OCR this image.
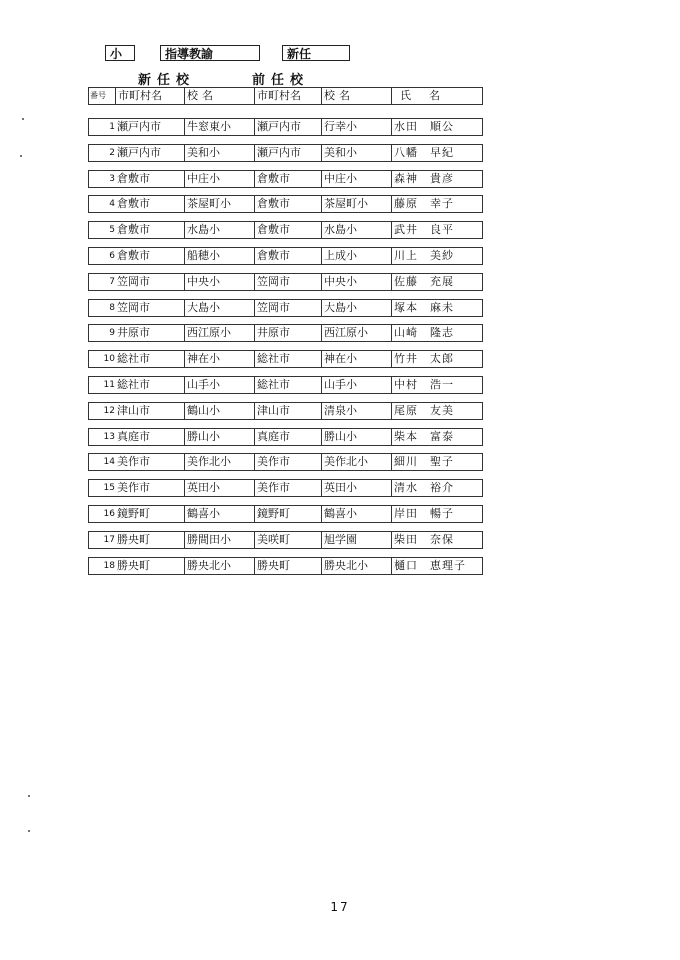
小	指導教諭	新任
新任校	前任校
番号	市町村名	校名	市町村名	校名	氏名
1 瀬戸内市	牛窓東小	瀬戸内市	行幸小	水田　順公
2 瀬戸内市	美和小	瀬戸内市	美和小	八幡　早紀
3 倉敷市	中庄小	倉敷市	中庄小	森神　貴彦
4 倉敷市	茶屋町小	倉敷市	茶屋町小	藤原　幸子
5 倉敷市	水島小	倉敷市	水島小	武井　良平
6 倉敷市	船穂小	倉敷市	上成小	川上　美紗
7 笠岡市	中央小	笠岡市	中央小	佐藤　充展
8 笠岡市	大島小	笠岡市	大島小	塚本　麻未
9 井原市	西江原小	井原市	西江原小	山崎　隆志
10 総社市	神在小	総社市	神在小	竹井　太郎
11 総社市	山手小	総社市	山手小	中村　浩一
12 津山市	鶴山小	津山市	清泉小	尾原　友美
13 真庭市	勝山小	真庭市	勝山小	柴本　富泰
14 美作市	美作北小	美作市	美作北小	細川　聖子
15 美作市	英田小	美作市	英田小	清水　裕介
16 鏡野町	鶴喜小	鏡野町	鶴喜小	岸田　暢子
17 勝央町	勝間田小	美咲町	旭学園	柴田　奈保
18 勝央町	勝央北小	勝央町	勝央北小	樋口　恵理子
17
